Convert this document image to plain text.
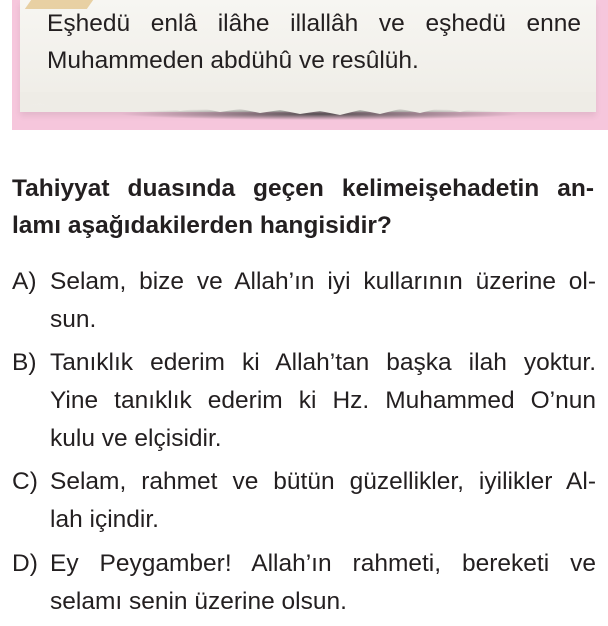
Eşhedü enlâ ilâhe illallâh ve eşhedü enne
Muhammeden abdühû ve resûlüh.
Tahiyyat duasında geçen kelimeişehadetin an-
lamı aşağıdakilerden hangisidir?
A) Selam, bize ve Allah’ın iyi kullarının üzerine ol-
sun.
B) Tanıklık ederim ki Allah’tan başka ilah yoktur.
Yine tanıklık ederim ki Hz. Muhammed O’nun
kulu ve elçisidir.
C) Selam, rahmet ve bütün güzellikler, iyilikler Al-
lah içindir.
D) Ey Peygamber! Allah’ın rahmeti, bereketi ve
selamı senin üzerine olsun.
